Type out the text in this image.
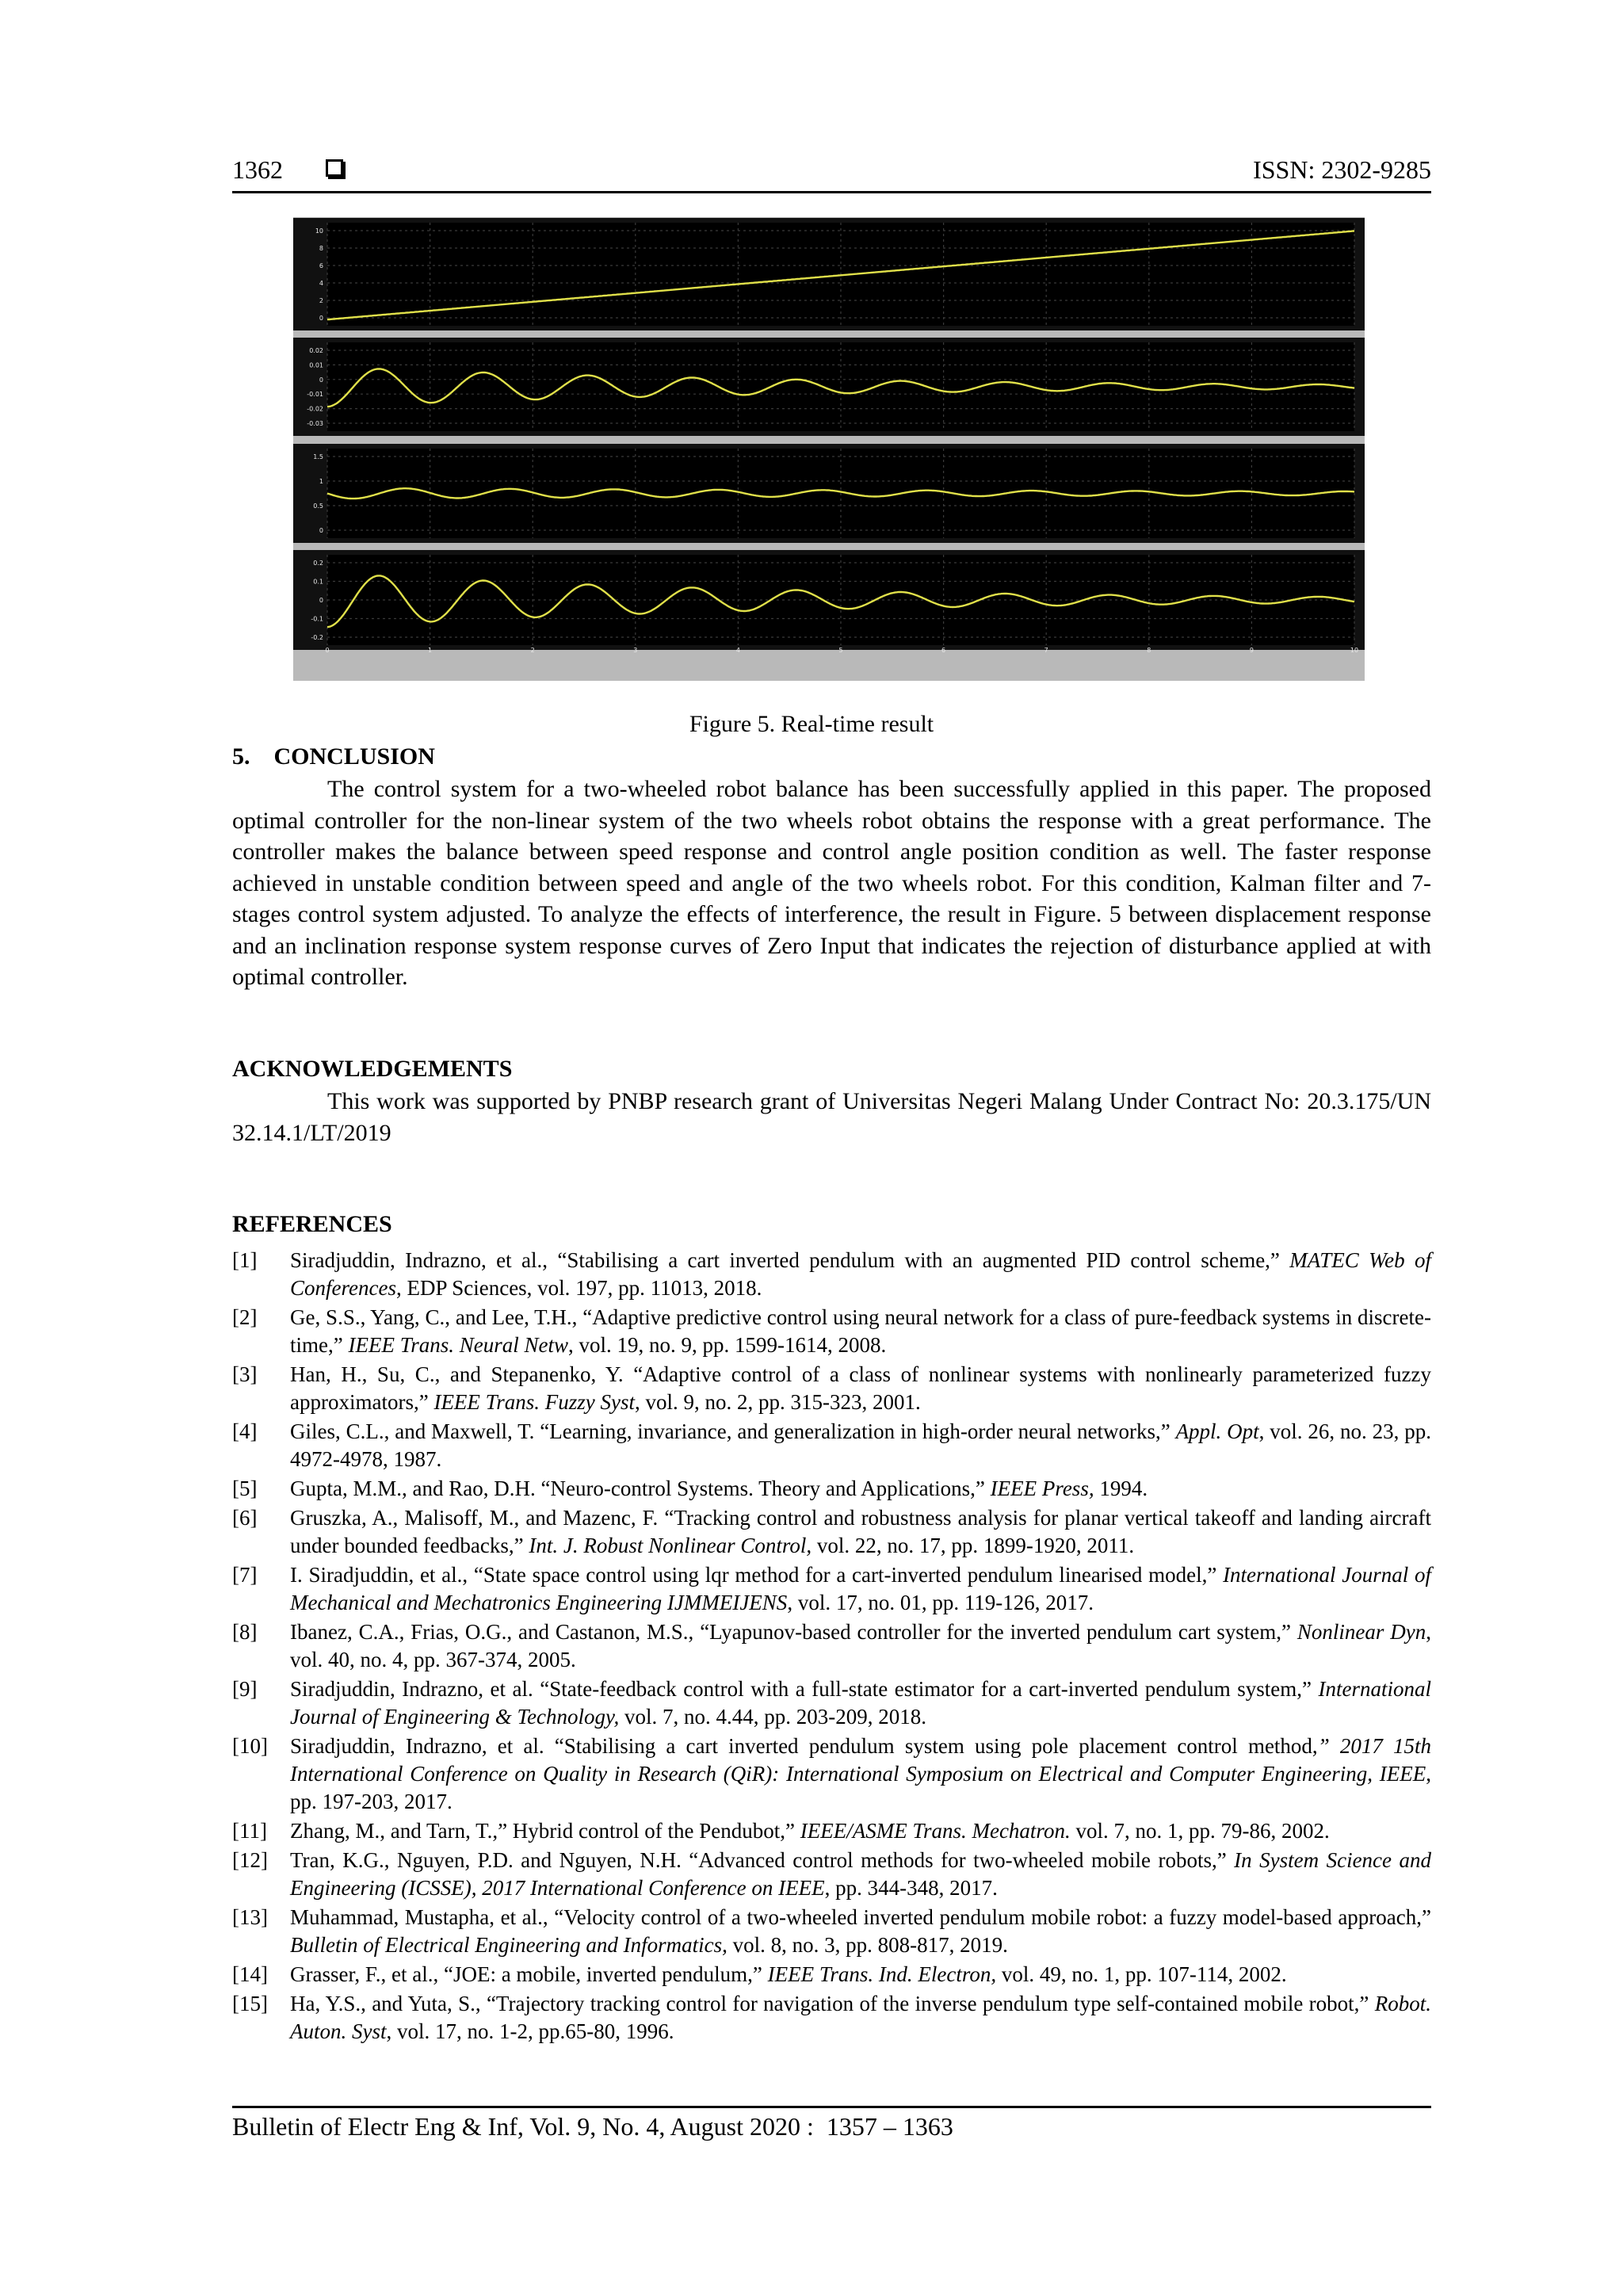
1362	ISSN: 2302-9285
10
8
6
4
2
0
0.02
0.01
0
-0.01
-0.02
-0.03
1.5
1
0.5
0
0.2
0.1
0
-0.1
-0.2
0	1	2	3	4	5	6	7	8	9	10
Figure 5. Real-time result
5.    CONCLUSION
The control system for a two-wheeled robot balance has been successfully applied in this paper. The proposed optimal controller for the non-linear system of the two wheels robot obtains the response with a great performance. The controller makes the balance between speed response and control angle position condition as well. The faster response achieved in unstable condition between speed and angle of the two wheels robot. For this condition, Kalman filter and 7-stages control system adjusted. To analyze the effects of interference, the result in Figure. 5 between displacement response and an inclination response system response curves of Zero Input that indicates the rejection of disturbance applied at with optimal controller.
ACKNOWLEDGEMENTS
This work was supported by PNBP research grant of Universitas Negeri Malang Under Contract No: 20.3.175/UN 32.14.1/LT/2019
REFERENCES
[1] Siradjuddin, Indrazno, et al., “Stabilising a cart inverted pendulum with an augmented PID control scheme,” MATEC Web of Conferences, EDP Sciences, vol. 197, pp. 11013, 2018.
[2] Ge, S.S., Yang, C., and Lee, T.H., “Adaptive predictive control using neural network for a class of pure-feedback systems in discrete-time,” IEEE Trans. Neural Netw, vol. 19, no. 9, pp. 1599-1614, 2008.
[3] Han, H., Su, C., and Stepanenko, Y. “Adaptive control of a class of nonlinear systems with nonlinearly parameterized fuzzy approximators,” IEEE Trans. Fuzzy Syst, vol. 9, no. 2, pp. 315-323, 2001.
[4] Giles, C.L., and Maxwell, T. “Learning, invariance, and generalization in high-order neural networks,” Appl. Opt, vol. 26, no. 23, pp. 4972-4978, 1987.
[5] Gupta, M.M., and Rao, D.H. “Neuro-control Systems. Theory and Applications,” IEEE Press, 1994.
[6] Gruszka, A., Malisoff, M., and Mazenc, F. “Tracking control and robustness analysis for planar vertical takeoff and landing aircraft under bounded feedbacks,” Int. J. Robust Nonlinear Control, vol. 22, no. 17, pp. 1899-1920, 2011.
[7] I. Siradjuddin, et al., “State space control using lqr method for a cart-inverted pendulum linearised model,” International Journal of Mechanical and Mechatronics Engineering IJMMEIJENS, vol. 17, no. 01, pp. 119-126, 2017.
[8] Ibanez, C.A., Frias, O.G., and Castanon, M.S., “Lyapunov-based controller for the inverted pendulum cart system,” Nonlinear Dyn, vol. 40, no. 4, pp. 367-374, 2005.
[9] Siradjuddin, Indrazno, et al. “State-feedback control with a full-state estimator for a cart-inverted pendulum system,” International Journal of Engineering & Technology, vol. 7, no. 4.44, pp. 203-209, 2018.
[10] Siradjuddin, Indrazno, et al. “Stabilising a cart inverted pendulum system using pole placement control method,” 2017 15th International Conference on Quality in Research (QiR): International Symposium on Electrical and Computer Engineering, IEEE, pp. 197-203, 2017.
[11] Zhang, M., and Tarn, T.,” Hybrid control of the Pendubot,” IEEE/ASME Trans. Mechatron. vol. 7, no. 1, pp. 79-86, 2002.
[12] Tran, K.G., Nguyen, P.D. and Nguyen, N.H. “Advanced control methods for two-wheeled mobile robots,” In System Science and Engineering (ICSSE), 2017 International Conference on IEEE, pp. 344-348, 2017.
[13] Muhammad, Mustapha, et al., “Velocity control of a two-wheeled inverted pendulum mobile robot: a fuzzy model-based approach,” Bulletin of Electrical Engineering and Informatics, vol. 8, no. 3, pp. 808-817, 2019.
[14] Grasser, F., et al., “JOE: a mobile, inverted pendulum,” IEEE Trans. Ind. Electron, vol. 49, no. 1, pp. 107-114, 2002.
[15] Ha, Y.S., and Yuta, S., “Trajectory tracking control for navigation of the inverse pendulum type self-contained mobile robot,” Robot. Auton. Syst, vol. 17, no. 1-2, pp.65-80, 1996.
Bulletin of Electr Eng & Inf, Vol. 9, No. 4, August 2020 :  1357 – 1363
